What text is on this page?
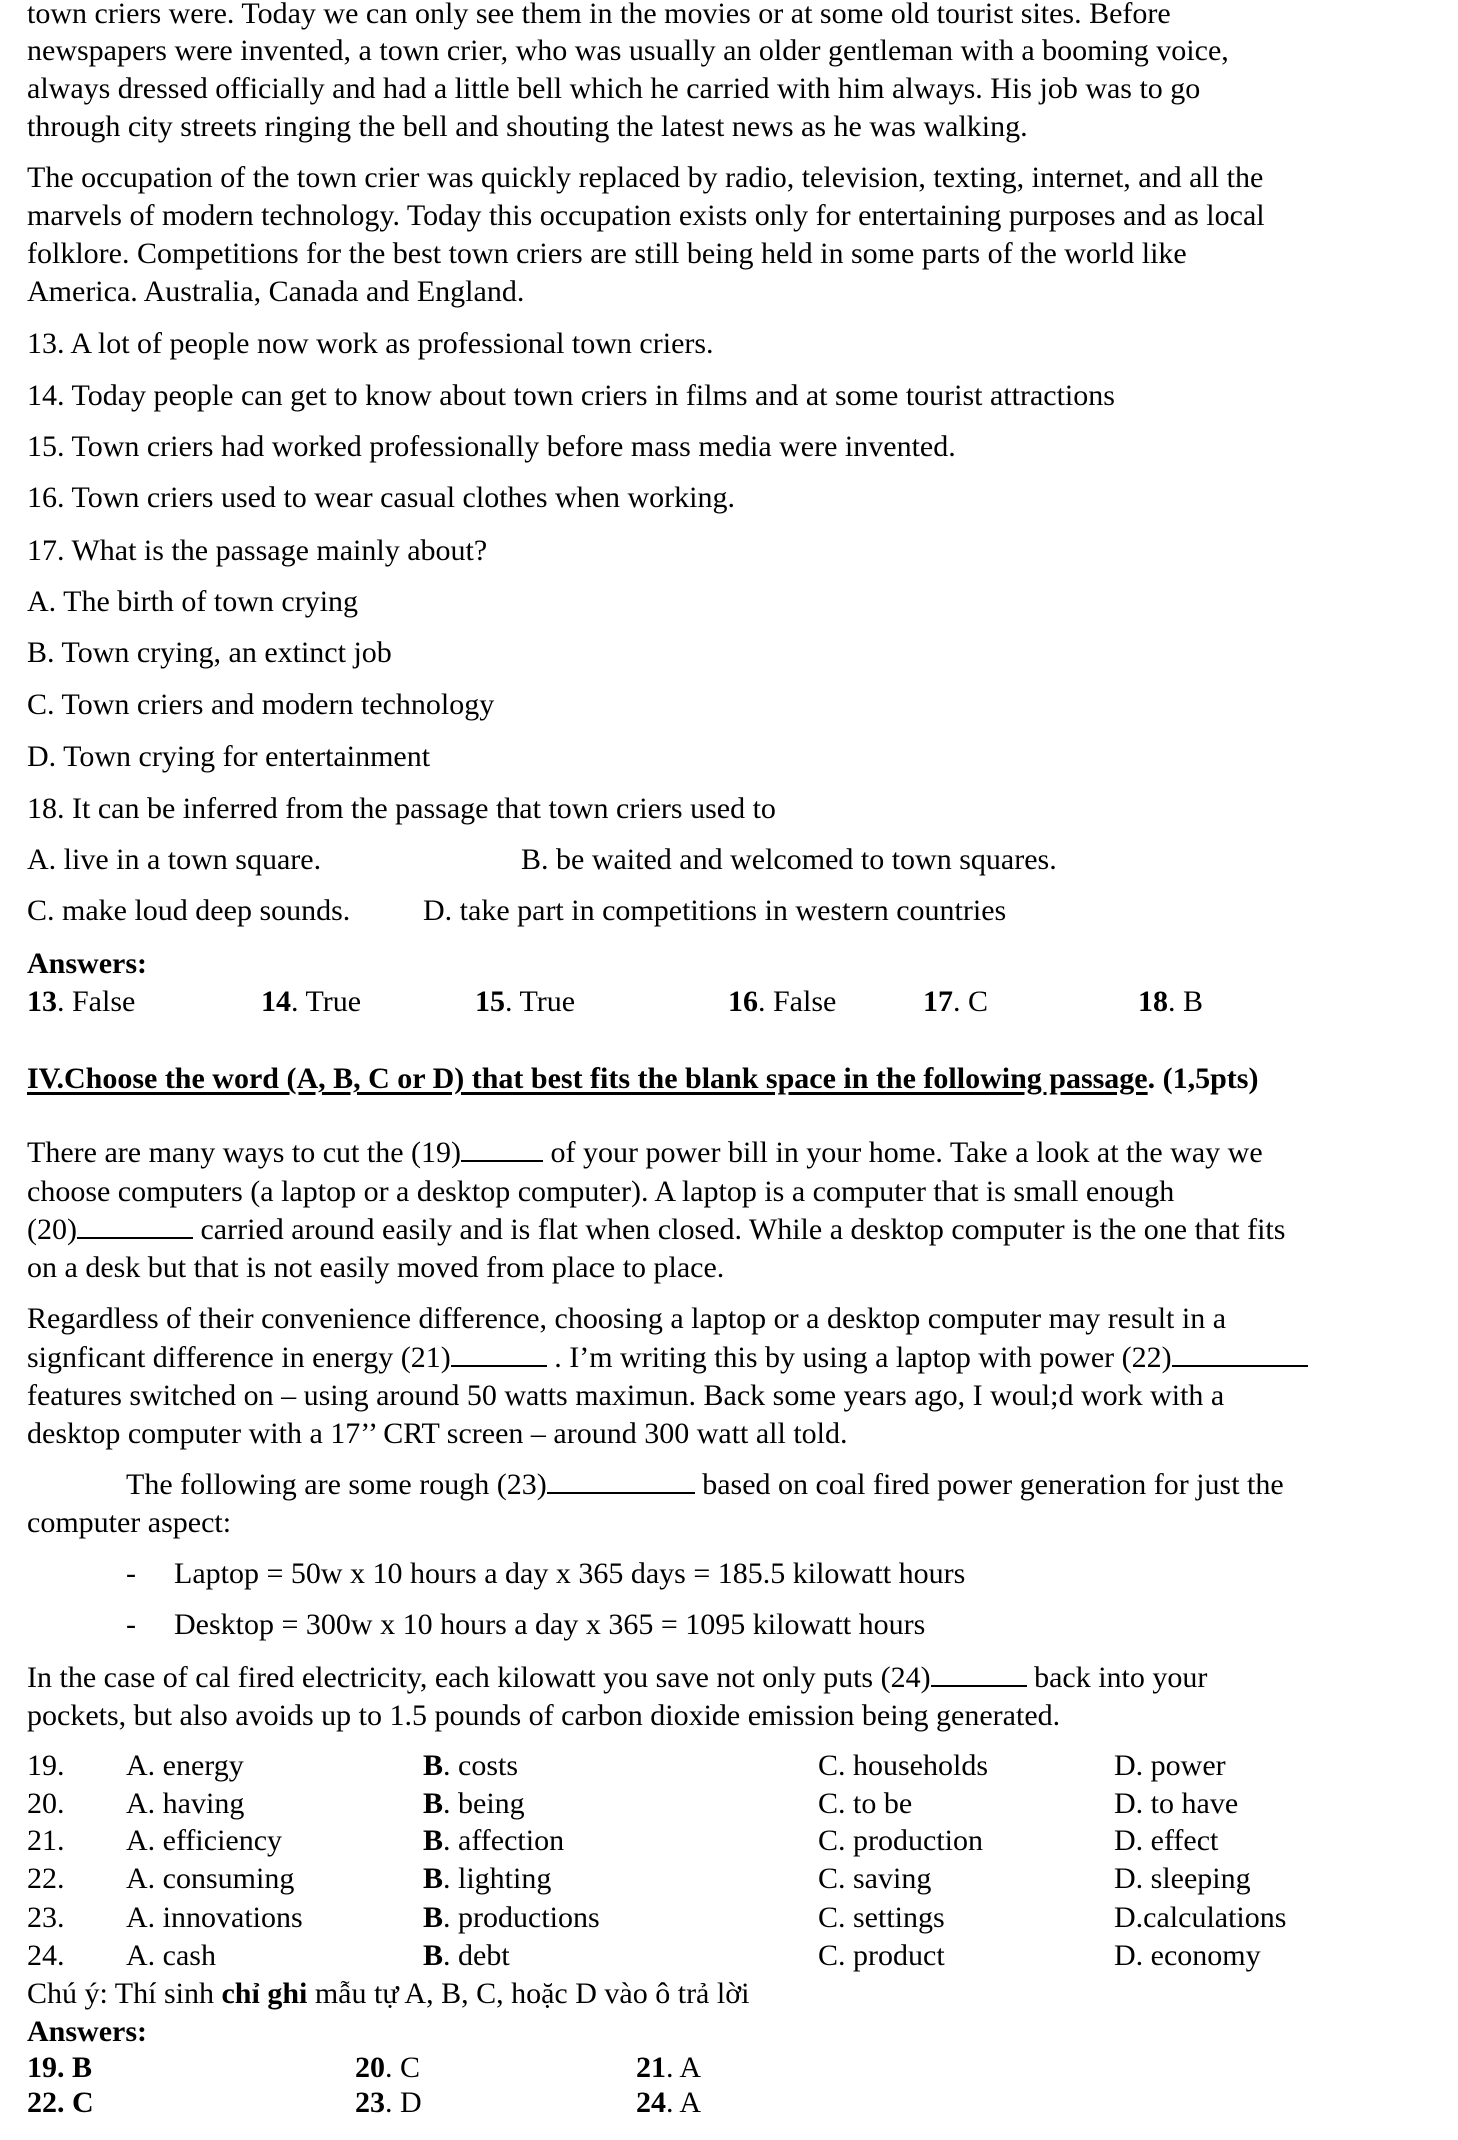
town criers were. Today we can only see them in the movies or at some old tourist sites. Before
newspapers were invented, a town crier, who was usually an older gentleman with a booming voice,
always dressed officially and had a little bell which he carried with him always. His job was to go
through city streets ringing the bell and shouting the latest news as he was walking.
The occupation of the town crier was quickly replaced by radio, television, texting, internet, and all the
marvels of modern technology. Today this occupation exists only for entertaining purposes and as local
folklore. Competitions for the best town criers are still being held in some parts of the world like
America. Australia, Canada and England.
13. A lot of people now work as professional town criers.
14. Today people can get to know about town criers in films and at some tourist attractions
15. Town criers had worked professionally before mass media were invented.
16. Town criers used to wear casual clothes when working.
17. What is the passage mainly about?
A. The birth of town crying
B. Town crying, an extinct job
C. Town criers and modern technology
D. Town crying for entertainment
18. It can be inferred from the passage that town criers used to
A. live in a town square.	B. be waited and welcomed to town squares.
C. make loud deep sounds. D. take part in competitions in western countries
Answers:
13. False	14. True	15. True	16. False	17. C	18. B
IV.Choose the word (A, B, C or D) that best fits the blank space in the following passage. (1,5pts)
There are many ways to cut the (19)	of your power bill in your home. Take a look at the way we
choose computers (a laptop or a desktop computer). A laptop is a computer that is small enough
(20)	carried around easily and is flat when closed. While a desktop computer is the one that fits
on a desk but that is not easily moved from place to place.
Regardless of their convenience difference, choosing a laptop or a desktop computer may result in a
signficant difference in energy (21)	. I’m writing this by using a laptop with power (22)
features switched on – using around 50 watts maximun. Back some years ago, I woul;d work with a
desktop computer with a 17’’ CRT screen – around 300 watt all told.
The following are some rough (23)	based on coal fired power generation for just the
computer aspect:
- Laptop = 50w x 10 hours a day x 365 days = 185.5 kilowatt hours
- Desktop = 300w x 10 hours a day x 365 = 1095 kilowatt hours
In the case of cal fired electricity, each kilowatt you save not only puts (24)	back into your
pockets, but also avoids up to 1.5 pounds of carbon dioxide emission being generated.
19. A. energy	B. costs	C. households	D. power
20. A. having	B. being	C. to be	D. to have
21. A. efficiency	B. affection	C. production	D. effect
22. A. consuming	B. lighting	C. saving	D. sleeping
23. A. innovations	B. productions	C. settings	D.calculations
24. A. cash	B. debt	C. product	D. economy
Chú ý: Thí sinh chỉ ghi mẫu tự A, B, C, hoặc D vào ô trả lời
Answers:
19. B	20. C	21. A
22. C	23. D	24. A
